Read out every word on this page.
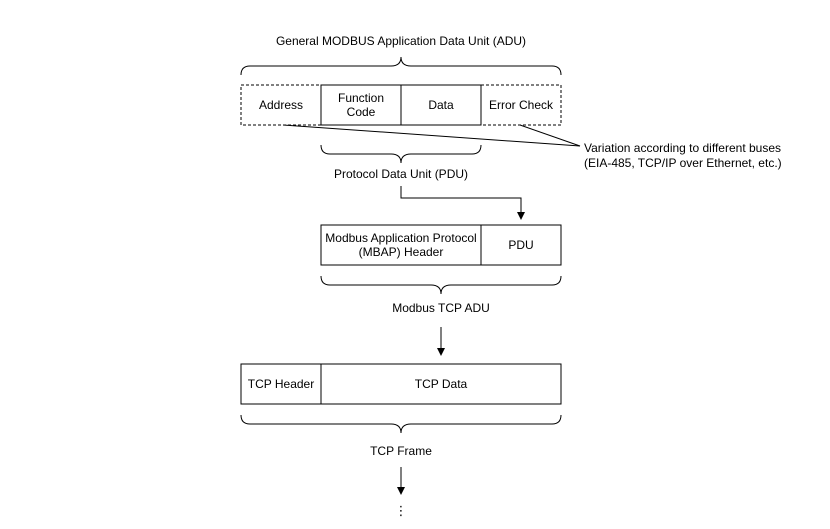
General MODBUS Application Data Unit (ADU)
Address	Function
Code	Data	Error Check
Variation according to different buses
(EIA-485, TCP/IP over Ethernet, etc.)
Protocol Data Unit (PDU)
Modbus Application Protocol
(MBAP) Header	PDU
Modbus TCP ADU
TCP Header	TCP Data
TCP Frame
⋮
